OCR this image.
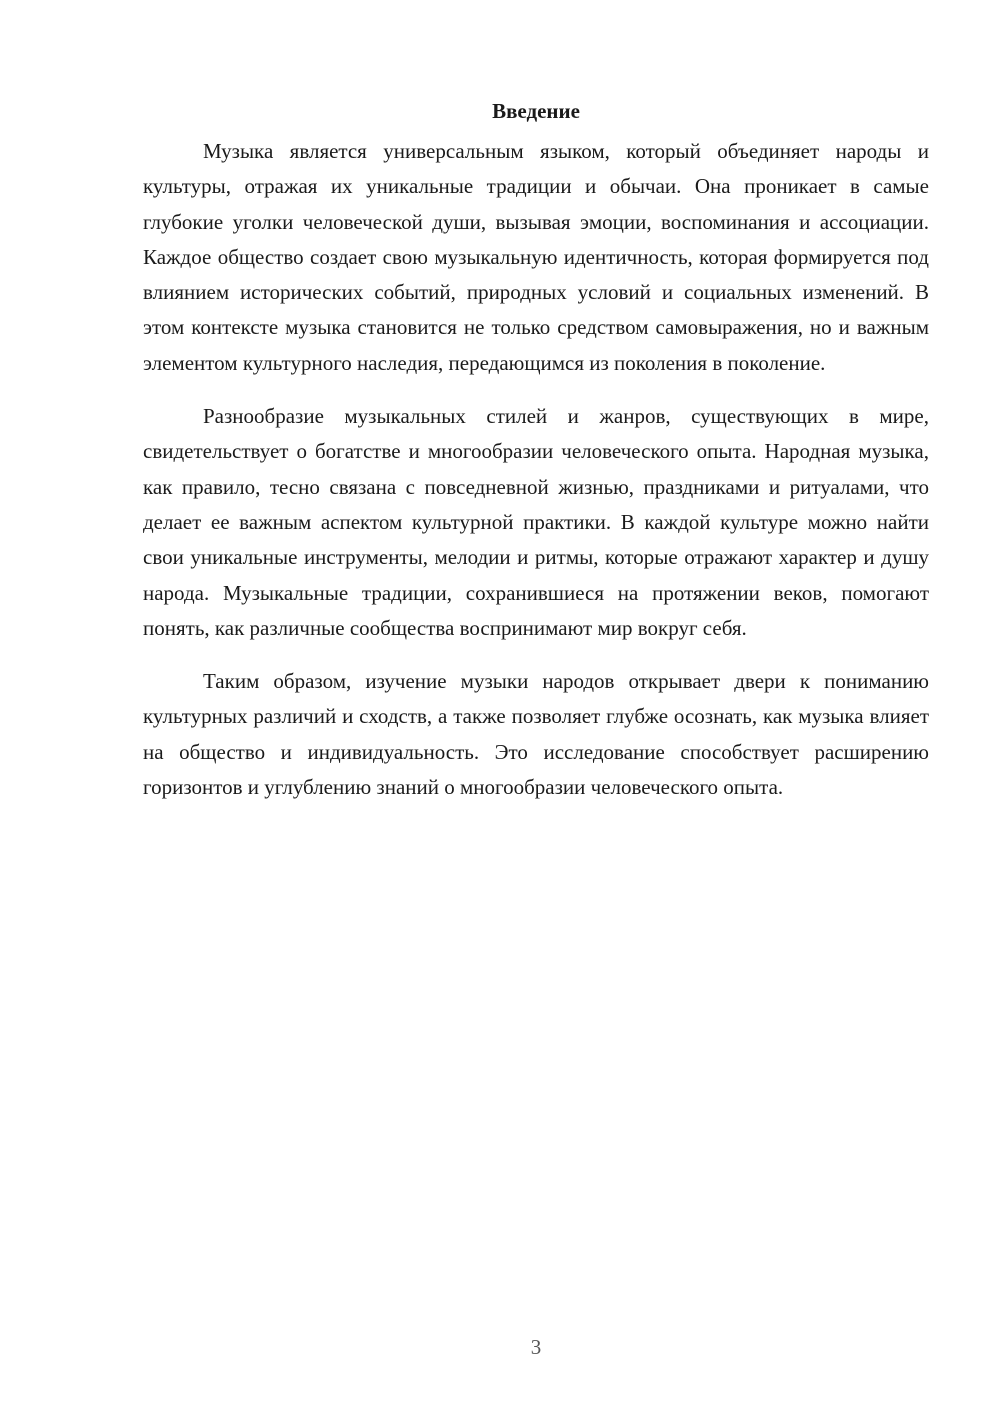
Введение

Музыка является универсальным языком, который объединяет народы и культуры, отражая их уникальные традиции и обычаи. Она проникает в самые глубокие уголки человеческой души, вызывая эмоции, воспоминания и ассоциации. Каждое общество создает свою музыкальную идентичность, которая формируется под влиянием исторических событий, природных условий и социальных изменений. В этом контексте музыка становится не только средством самовыражения, но и важным элементом культурного наследия, передающимся из поколения в поколение.

Разнообразие музыкальных стилей и жанров, существующих в мире, свидетельствует о богатстве и многообразии человеческого опыта. Народная музыка, как правило, тесно связана с повседневной жизнью, праздниками и ритуалами, что делает ее важным аспектом культурной практики. В каждой культуре можно найти свои уникальные инструменты, мелодии и ритмы, которые отражают характер и душу народа. Музыкальные традиции, сохранившиеся на протяжении веков, помогают понять, как различные сообщества воспринимают мир вокруг себя.

Таким образом, изучение музыки народов открывает двери к пониманию культурных различий и сходств, а также позволяет глубже осознать, как музыка влияет на общество и индивидуальность. Это исследование способствует расширению горизонтов и углублению знаний о многообразии человеческого опыта.

3
